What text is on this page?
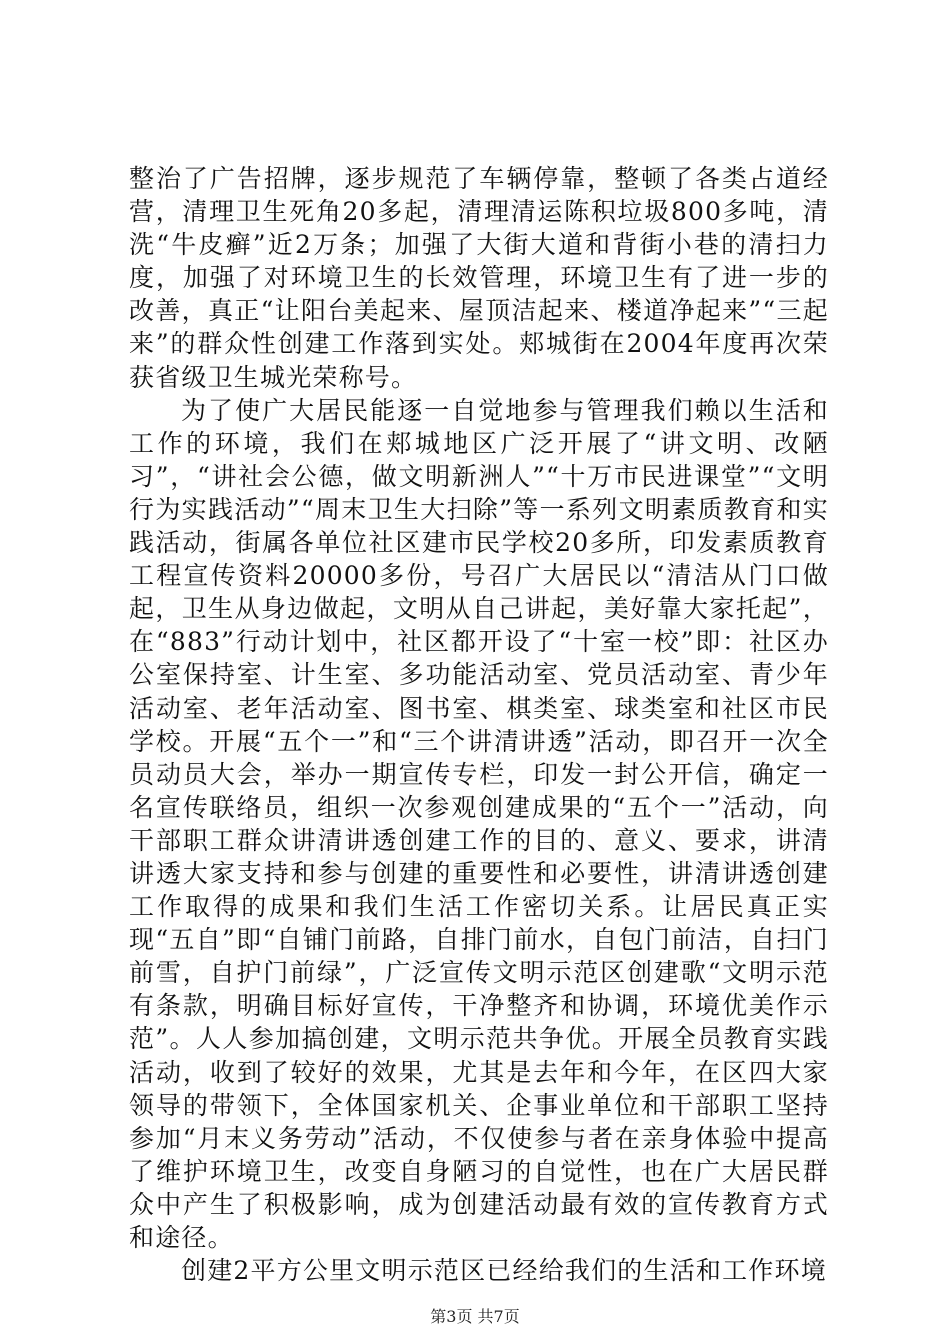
整治了广告招牌，逐步规范了车辆停靠，整顿了各类占道经营，清理卫生死角20多起，清理清运陈积垃圾800多吨，清洗“牛皮癣”近2万条；加强了大街大道和背街小巷的清扫力度，加强了对环境卫生的长效管理，环境卫生有了进一步的改善，真正“让阳台美起来、屋顶洁起来、楼道净起来”“三起来”的群众性创建工作落到实处。郏城街在2004年度再次荣获省级卫生城光荣称号。

为了使广大居民能逐一自觉地参与管理我们赖以生活和工作的环境，我们在郏城地区广泛开展了“讲文明、改陋习”，“讲社会公德，做文明新洲人”“十万市民进课堂”“文明行为实践活动”“周末卫生大扫除”等一系列文明素质教育和实践活动，街属各单位社区建市民学校20多所，印发素质教育工程宣传资料20000多份，号召广大居民以“清洁从门口做起，卫生从身边做起，文明从自己讲起，美好靠大家托起”，在“883”行动计划中，社区都开设了“十室一校”即：社区办公室保持室、计生室、多功能活动室、党员活动室、青少年活动室、老年活动室、图书室、棋类室、球类室和社区市民学校。开展“五个一”和“三个讲清讲透”活动，即召开一次全员动员大会，举办一期宣传专栏，印发一封公开信，确定一名宣传联络员，组织一次参观创建成果的“五个一”活动，向干部职工群众讲清讲透创建工作的目的、意义、要求，讲清讲透大家支持和参与创建的重要性和必要性，讲清讲透创建工作取得的成果和我们生活工作密切关系。让居民真正实现“五自”即“自铺门前路，自排门前水，自包门前洁，自扫门前雪，自护门前绿”，广泛宣传文明示范区创建歌“文明示范有条款，明确目标好宣传，干净整齐和协调，环境优美作示范”。人人参加搞创建，文明示范共争优。开展全员教育实践活动，收到了较好的效果，尤其是去年和今年，在区四大家领导的带领下，全体国家机关、企事业单位和干部职工坚持参加“月末义务劳动”活动，不仅使参与者在亲身体验中提高了维护环境卫生，改变自身陋习的自觉性，也在广大居民群众中产生了积极影响，成为创建活动最有效的宣传教育方式和途径。

创建2平方公里文明示范区已经给我们的生活和工作环境

第3页 共7页
